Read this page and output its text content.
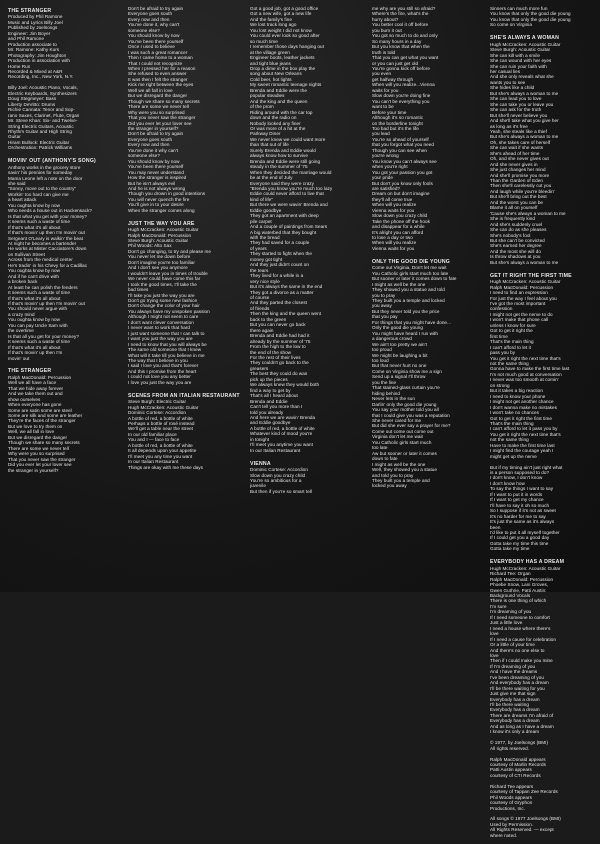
THE STRANGER
Produced by Phil Ramone
Music and Lyrics Billy Joel
Published by Joelsongs
Engineer: Jim Boyer
and Phil Ramone
Production associate to
Mr. Ramone: Kathy Kurs
Photography: Jim Houghton
Production in association with
Home Run
Recorded & Mixed at A&R
Recording, Inc., New York, N.Y.
Billy Joel: Acoustic Piano, Vocals,
Electric Keyboards, Synthesizers
Doug Stegmeyer: Bass
Liberty DeVitto: Drums
Richie Cannata: Tenor and Sop-
rano Saxes, Clarinet, Flute, Organ
Mr. Steve Khan: Six- and Twelve-
String Electric Guitars, Acoustic
Rhythm Guitar and High String
Guitar
Hiram Bullock: Electric Guitar
Orchestration: Patrick Williams
MOVIN' OUT (ANTHONY'S SONG)
Anthony works in the grocery store
savin' his pennies for someday
Mama Leone left a note on the door
she said
"Sonny, move out to the country"
Workin' too hard can give me
a heart attack
You oughta know by now
Who needs a house out in Hackensack?
Is that what you get with your money?
It seems such a waste of time
If that's what it's all about
If that's movin' up then I'm movin' out
Sergeant O'Leary is walkin' the beat
At night he becomes a bartender
He works at Mister Cacciatore's down
on Sullivan Street
Across from the medical center
He's tradin' in his Chevy for a Cadillac
You oughta know by now
And if he can't drive with
a broken back
At least he can polish the fenders
It seems such a waste of time
If that's what it's all about
If that's movin' up then I'm movin' out
You should never argue with
a crazy mind
You oughta know by now
You can pay Uncle Sam with
the overtime
Is that all you get for your money?
It seems such a waste of time
If that's what it's all about
If that's movin' up then I'm
movin' out
THE STRANGER
Ralph MacDonald: Percussion
Well we all have a face
That we hide away forever
And we take them out and
show ourselves
When everyone has gone
Some are satin some are steel
Some are silk and some are leather
They're the faces of the stranger
But we love to try them on
Well, we all fall in love
But we disregard the danger
Though we share so many secrets
There are some we never tell
Why were you so surprised
That you never saw the stranger
Did you ever let your lover see
the stranger in yourself?
Don't be afraid to try again
Everyone goes south
Every now and then
You've done it, why can't
someone else?
You should know by now
You've been there yourself
Once I used to believe
I was such a great romancer
Then I came home to a woman
That I could not recognize
When I pressed her for a reason
She refused to even answer
It was then I felt the stranger
Kick me right between the eyes
Well we all fall in love
But we disregard the danger
Though we share so many secrets
There are some we never tell
Why were you so surprised
That you never saw the stranger
Did you ever let your lover see
the stranger in yourself?
Don't be afraid to try again
Everyone goes south
Every now and then
You've done it why can't
someone else?
You should know by now
You've been there yourself
You may never understand
How the stranger is inspired
But he isn't always evil
And he is not always wrong
Though you drown in good intentions
You will never quench the fire
You'll give in to your desire
When the stranger comes along
JUST THE WAY YOU ARE
Hugh McCracken: Acoustic Guitar
Ralph MacDonald: Percussion
Steve Burgh: Acoustic Guitar
Phil Woods: Alto Sax
Don't go changing, to try and please me
You never let me down before
Don't imagine you're too familiar
And I don't see you anymore
I wouldn't leave you in times of trouble
We never could have come this far
I took the good times, I'll take the
bad times
I'll take you just the way you are
Don't go trying some new fashion
Don't change the color of your hair
You always have my unspoken passion
Although I might not seem to care
I don't want clever conversation
I never want to work that hard
I just want someone that I can talk to
I want you just the way you are
I need to know that you will always be
The same old someone that I knew
What will it take till you believe in me
The way that I believe in you
I said I love you and that's forever
And this I promise from the heart
I could not love you any better
I love you just the way you are
SCENES FROM AN ITALIAN RESTAURANT
Steve Burgh: Electric Guitar
Hugh McCracken: Acoustic Guitar
Dominic Cortese: Accordion
A bottle of red, a bottle of white
Perhaps a bottle of rosé instead
We'll get a table near the street
In our old familiar place
You and I — face to face
A bottle of red, a bottle of white
It all depends upon your appetite
I'll meet you any time you want
In our Italian Restaurant
Things are okay with me these days
Got a good job, got a good office
Got a new wife, got a new life
And the family's fine
We lost track long ago
You lost weight I did not know
You could ever look so good after
so much time
I remember those days hanging out
at the village green
Engineer boots, leather jackets
and tight blue jeans
Drop a dime in the box play the
song about New Orleans
Cold beer, hot lights
My sweet romantic teenage nights
Brenda and Eddie were the
popular steadies
And the king and the queen
of the prom
Riding around with the car top
down and the radio on
Nobody looked any finer
Or was more of a hit at the
Parkway Diner
We never knew we could want more
than that out of life
Surely Brenda and Eddie would
always know how to survive
Brenda and Eddie were still going
steady in the summer of '75
When they decided the marriage would
be at the end of July
Everyone said they were crazy
"Brenda you know you're much too lazy
Eddie could never afford to live that
kind of life"
But there we were wavin' Brenda and
Eddie goodbye
They got an apartment with deep
pile carpet
And a couple of paintings from Sears
A big waterbed that they bought
with the bread
They had saved for a couple
of years
They started to fight when the
money got tight
And they just didn't count on
the tears
They lived for a while in a
very nice style
But it's always the same in the end
They got a divorce as a matter
of course
And they parted the closest
of friends
Then the king and the queen went
back to the green
But you can never go back
there again
Brenda and Eddie had had it
already by the summer of '75
From the high to the low to
the end of the show
For the rest of their lives
They couldn't go back to the
greasers
The best they could do was
pick up the pieces
We always knew they would both
find a way to get by
That's all I heard about
Brenda and Eddie
Can't tell you more than I
told you already
And here we are wavin' Brenda
and Eddie goodbye
A bottle of red, a bottle of white
Whatever kind of mood you're
in tonight
I'll meet you anytime you want
In our Italian Restaurant
VIENNA
Dominic Cortese: Accordion
Slow down you crazy child
You're so ambitious for a
juvenile
But then if you're so smart tell
me why are you still so afraid?
Where's the fire, what's the
hurry about?
You better cool it off before
you burn it out
You got so much to do and only
So many hours in a day
But you know that when the
truth is told
That you can get what you want
or you can just get old
You're gonna kick off before
you even
get halfway through
When will you realize...Vienna
waits for you
Slow down you're doing fine
You can't be everything you
want to be
Before your time
Although it's so romantic
on the borderline tonight
Too bad but it's the life
you lead
You're so ahead of yourself
that you forgot what you need
Though you can see when
you're wrong
You know you can't always see
when you're right
You got your passion you got
your pride
But don't you know only fools
are satisfied?
Dream on but don't imagine
they'll all come true
When will you realize
Vienna waits for you
Slow down you crazy child
Take the phone off the hook
and disappear for a while
It's alright you can afford
to lose a day or two
When will you realize
Vienna waits for you
ONLY THE GOOD DIE YOUNG
Come out Virginia, Don't let me wait
You Catholic girls start much too late
But sooner or later it comes down to fate
I might as well be the one
They showed you a statue and told
you to pray
They built you a temple and locked
you away
But they never told you the price
that you pay
For things that you might have done...
Only the good die young
You might have heard I run with
a dangerous crowd
We ain't too pretty we ain't
too proud
We might be laughing a bit
too loud
But that never hurt no one
Come on Virginia show me a sign
Send up a signal I'll throw
you the line
That stained-glass curtain you're
hiding behind
Never lets in the sun
Darlin' only the good die young
You say your mother told you all
that I could give you was a reputation
She never cared for me
But did she ever say a prayer for me?
Come out come out come out
Virginia don't let me wait
You Catholic girls start much
too late
Aw but sooner or later it comes
down to fate
I might as well be the one
Well, they showed you a statue
and told you to pray
They built you a temple and
locked you away
Sinners can much more fun
You know that only the good die young
You know that only the good die young
So come on Virginia
SHE'S ALWAYS A WOMAN
Hugh McCracken: Acoustic Guitar
Steve Burgh: Acoustic Guitar
She can kill with a smile
She can wound with her eyes
She can ruin your faith with
her casual lies
And she only reveals what she
wants you to see
She hides like a child
But she's always a woman to me
She can lead you to love
She can take you or leave you
She can ask for the truth
But she'll never believe you
And she'll take what you give her
as long as it's free
Yeah, she steals like a thief
But she's always a woman to me
Oh, she takes care of herself
She can wait if she wants
She's ahead of her time
Oh, and she never gives out
And she never gives in
She just changes her mind
And she'll promise you more
Than the Garden of Eden
Then she'll carelessly cut you
And laugh while you're bleedin'
But she'll bring out the best
And the worst you can be
Blame it all on yourself
'Cause she's always a woman to me
She is frequently kind
And she's suddenly cruel
She can do as she pleases
She's nobody's fool
But she can't be convicted
She's earned her degree
And the most she will do
Is throw shadows at you
But she's always a woman to me
GET IT RIGHT THE FIRST TIME
Hugh McCracken: Acoustic Guitar
Ralph MacDonald: Percussion
I need to find an expression
For just the way I feel about you
I've got the most important
confession
I might not get the nerve to do
I won't make that phone call
unless I know for sure
Got to get it right the
first time
That's the main thing
I can't afford to let it
pass you by
You get it right the next time that's
not the same thing
Gonna have to make the first time last
I'm not much good at conversation
I never was too smooth at comin'
on strong
But it takes a big reaction
I need to know your phone
I might not get another chance
I don't wanna make no mistakes
I won't take no chances
Got to get it right the first time
That's the main thing
I can't afford to let it pass you by
You get it right the next time that's
not the same thing
Have to make the first time last
I might find the courage yeah I
might get up the nerve
But if my timing ain't just right what
is a person supposed to do?
I don't know, I don't know
I don't know how
To say the things I want to say
If I want to put it in words
If I want to get my chance
I'll have to say it oh so much
So I suppose if it's not as sweet
It's no harder for me to say
It's just the same as it's always
been
I'd like to put it all myself together
If I could get you a good day
Gotta take my time this time
Gotta take my time
EVERYBODY HAS A DREAM
Hugh McCracken: Acoustic Guitar
Richard Tee: Organ
Ralph MacDonald: Percussion
Phoebe Snow, Lani Groves,
Gwen Guthrie, Patti Austin:
Background Vocals
There is one thing of which
I'm sure
I'm dreaming of you
If I need someone to comfort
Just a little love
I need a house where there's
love
If I need a cause for celebration
Or a little of your time
And there's no one else to
love
Then if I could make you mine
If I'm dreaming of you
And I have the dreams
I've been dreaming of you
And everybody has a dream
I'll be there waiting for you
Just give me that sign
Everybody has a dream
I'll be there waiting
Everybody has a dream
There are dreams I'm afraid of
Everybody has a dream
And as long as I have a dream
I know it's only a dream
© 1977, by Joelsongs (BMI)
All rights reserved.
Ralph MacDonald appears
courtesy of Marlin Records
Patti Austin appears
courtesy of CTI Records
Richard Tee appears
courtesy of Tappan Zee Records
Phil Woods appears
courtesy of Gryphon
Productions, Inc.
All songs © 1977 Joelsongs (BMI)
Used by Permission.
All Rights Reserved. — except
where noted.
